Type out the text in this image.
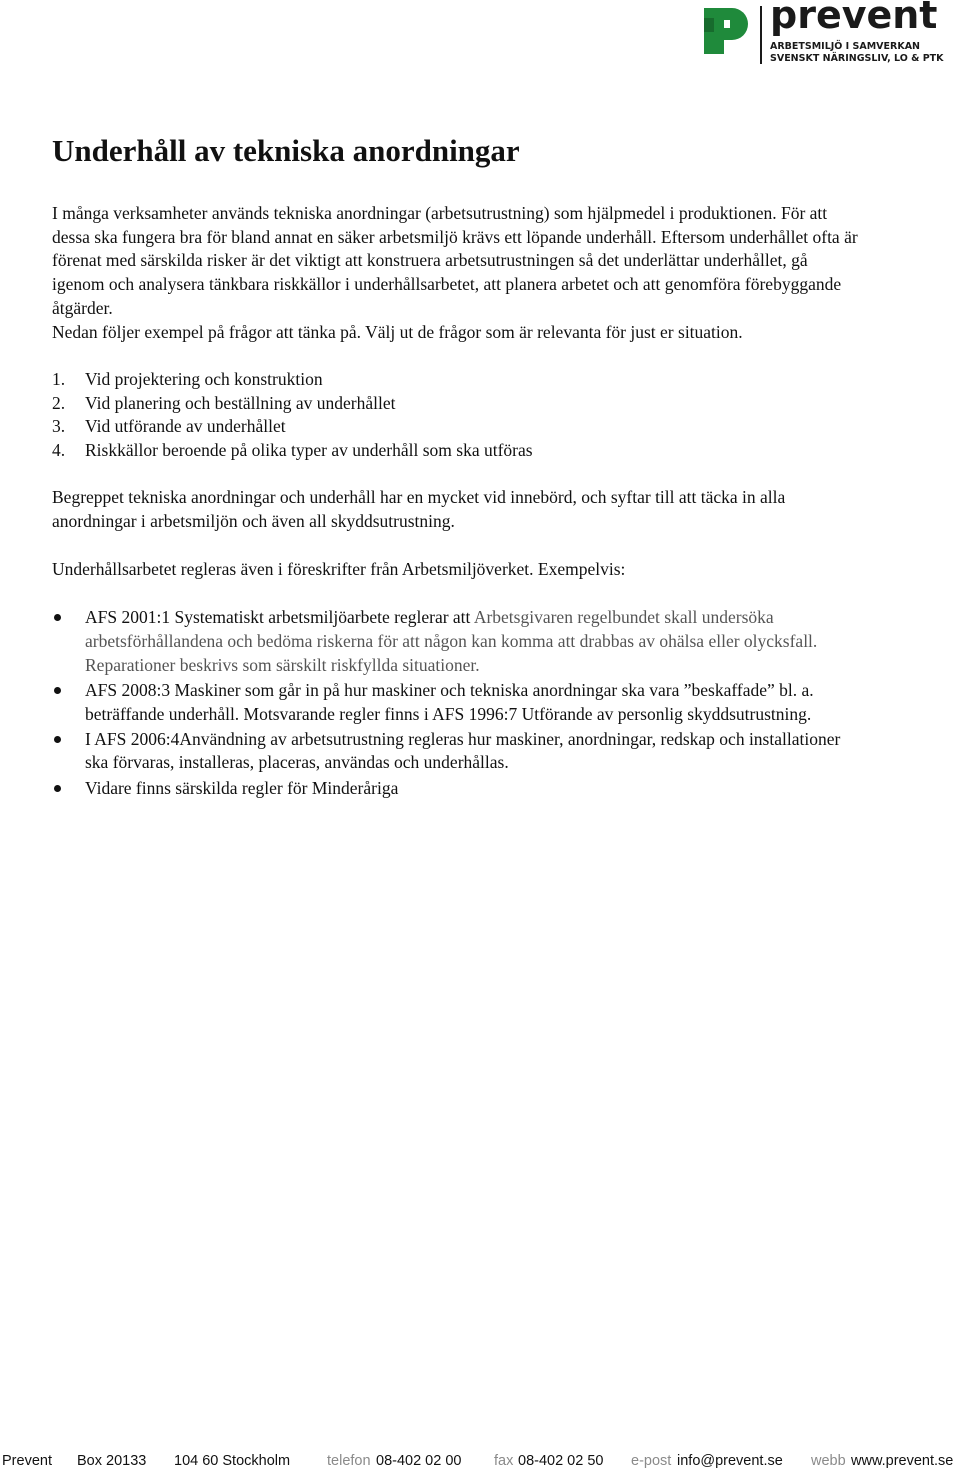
prevent
ARBETSMILJÖ I SAMVERKAN
SVENSKT NÄRINGSLIV, LO & PTK
Underhåll av tekniska anordningar

I många verksamheter används tekniska anordningar (arbetsutrustning) som hjälpmedel i produktionen. För att dessa ska fungera bra för bland annat en säker arbetsmiljö krävs ett löpande underhåll. Eftersom underhållet ofta är förenat med särskilda risker är det viktigt att konstruera arbetsutrustningen så det underlättar underhållet, gå igenom och analysera tänkbara riskkällor i underhållsarbetet, att planera arbetet och att genomföra förebyggande åtgärder.

Nedan följer exempel på frågor att tänka på. Välj ut de frågor som är relevanta för just er situation.

1. Vid projektering och konstruktion
2. Vid planering och beställning av underhållet
3. Vid utförande av underhållet
4. Riskkällor beroende på olika typer av underhåll som ska utföras

Begreppet tekniska anordningar och underhåll har en mycket vid innebörd, och syftar till att täcka in alla anordningar i arbetsmiljön och även all skyddsutrustning.

Underhållsarbetet regleras även i föreskrifter från Arbetsmiljöverket. Exempelvis:

AFS 2001:1 Systematiskt arbetsmiljöarbete reglerar att Arbetsgivaren regelbundet skall undersöka arbetsförhållandena och bedöma riskerna för att någon kan komma att drabbas av ohälsa eller olycksfall. Reparationer beskrivs som särskilt riskfyllda situationer.
AFS 2008:3 Maskiner som går in på hur maskiner och tekniska anordningar ska vara ”beskaffade” bl. a. beträffande underhåll. Motsvarande regler finns i AFS 1996:7 Utförande av personlig skyddsutrustning.
I AFS 2006:4Användning av arbetsutrustning regleras hur maskiner, anordningar, redskap och installationer ska förvaras, installeras, placeras, användas och underhållas.
Vidare finns särskilda regler för Minderåriga
Prevent Box 20133 104 60 Stockholm	telefon 08-402 02 00 fax 08-402 02 50 e-post info@prevent.se webb www.prevent.se
